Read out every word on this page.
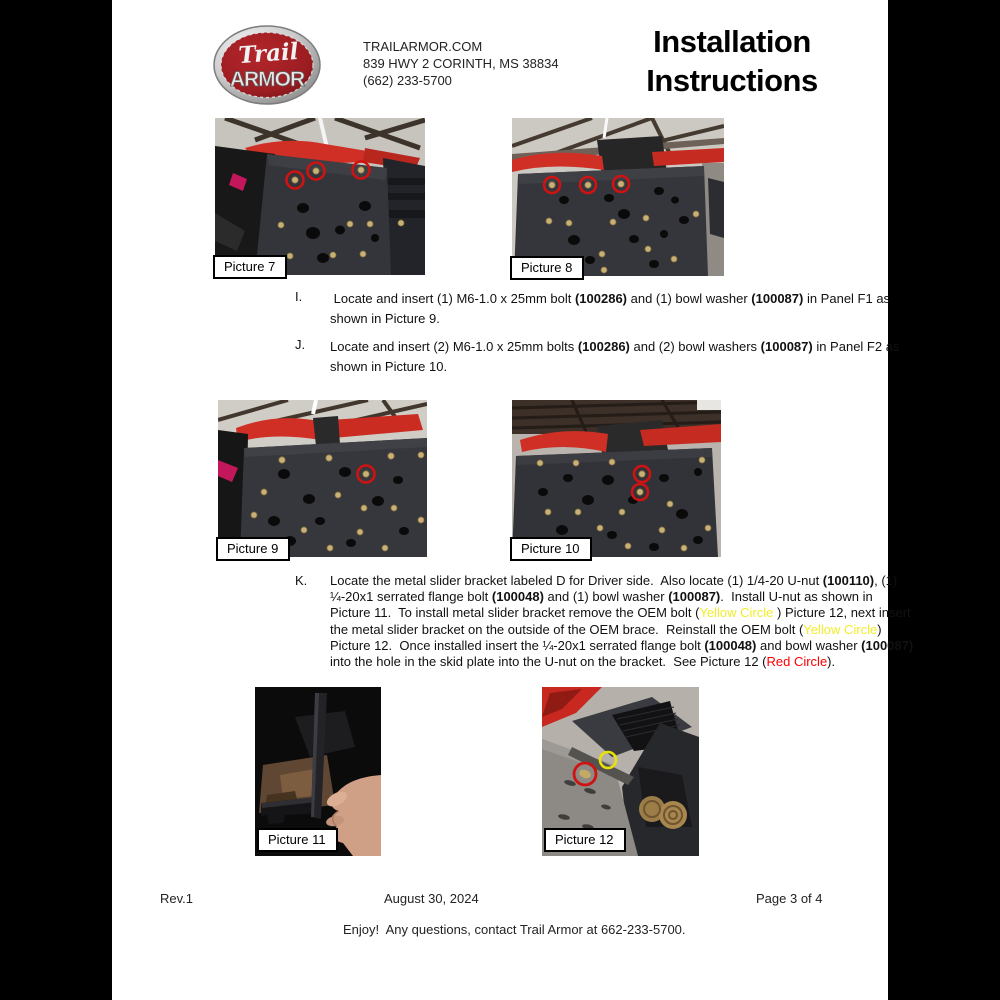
Trail
ARMOR
TRAILARMOR.COM
839 HWY 2 CORINTH, MS 38834
(662) 233-5700
Installation
Instructions
Picture 7	Picture 8
I. Locate and insert (1) M6-1.0 x 25mm bolt (100286) and (1) bowl washer (100087) in Panel F1 as
shown in Picture 9.
J. Locate and insert (2) M6-1.0 x 25mm bolts (100286) and (2) bowl washers (100087) in Panel F2 as
shown in Picture 10.
Picture 9	Picture 10
K. Locate the metal slider bracket labeled D for Driver side.  Also locate (1) 1/4-20 U-nut (100110), (1)
¼-20x1 serrated flange bolt (100048) and (1) bowl washer (100087).  Install U-nut as shown in
Picture 11.  To install metal slider bracket remove the OEM bolt (Yellow Circle ) Picture 12, next insert
the metal slider bracket on the outside of the OEM brace.  Reinstall the OEM bolt (Yellow Circle)
Picture 12.  Once installed insert the ¼-20x1 serrated flange bolt (100048) and bowl washer (100087)
into the hole in the skid plate into the U-nut on the bracket.  See Picture 12 (Red Circle).
Picture 11	Picture 12
Rev.1	August 30, 2024	Page 3 of 4
Enjoy!  Any questions, contact Trail Armor at 662-233-5700.
